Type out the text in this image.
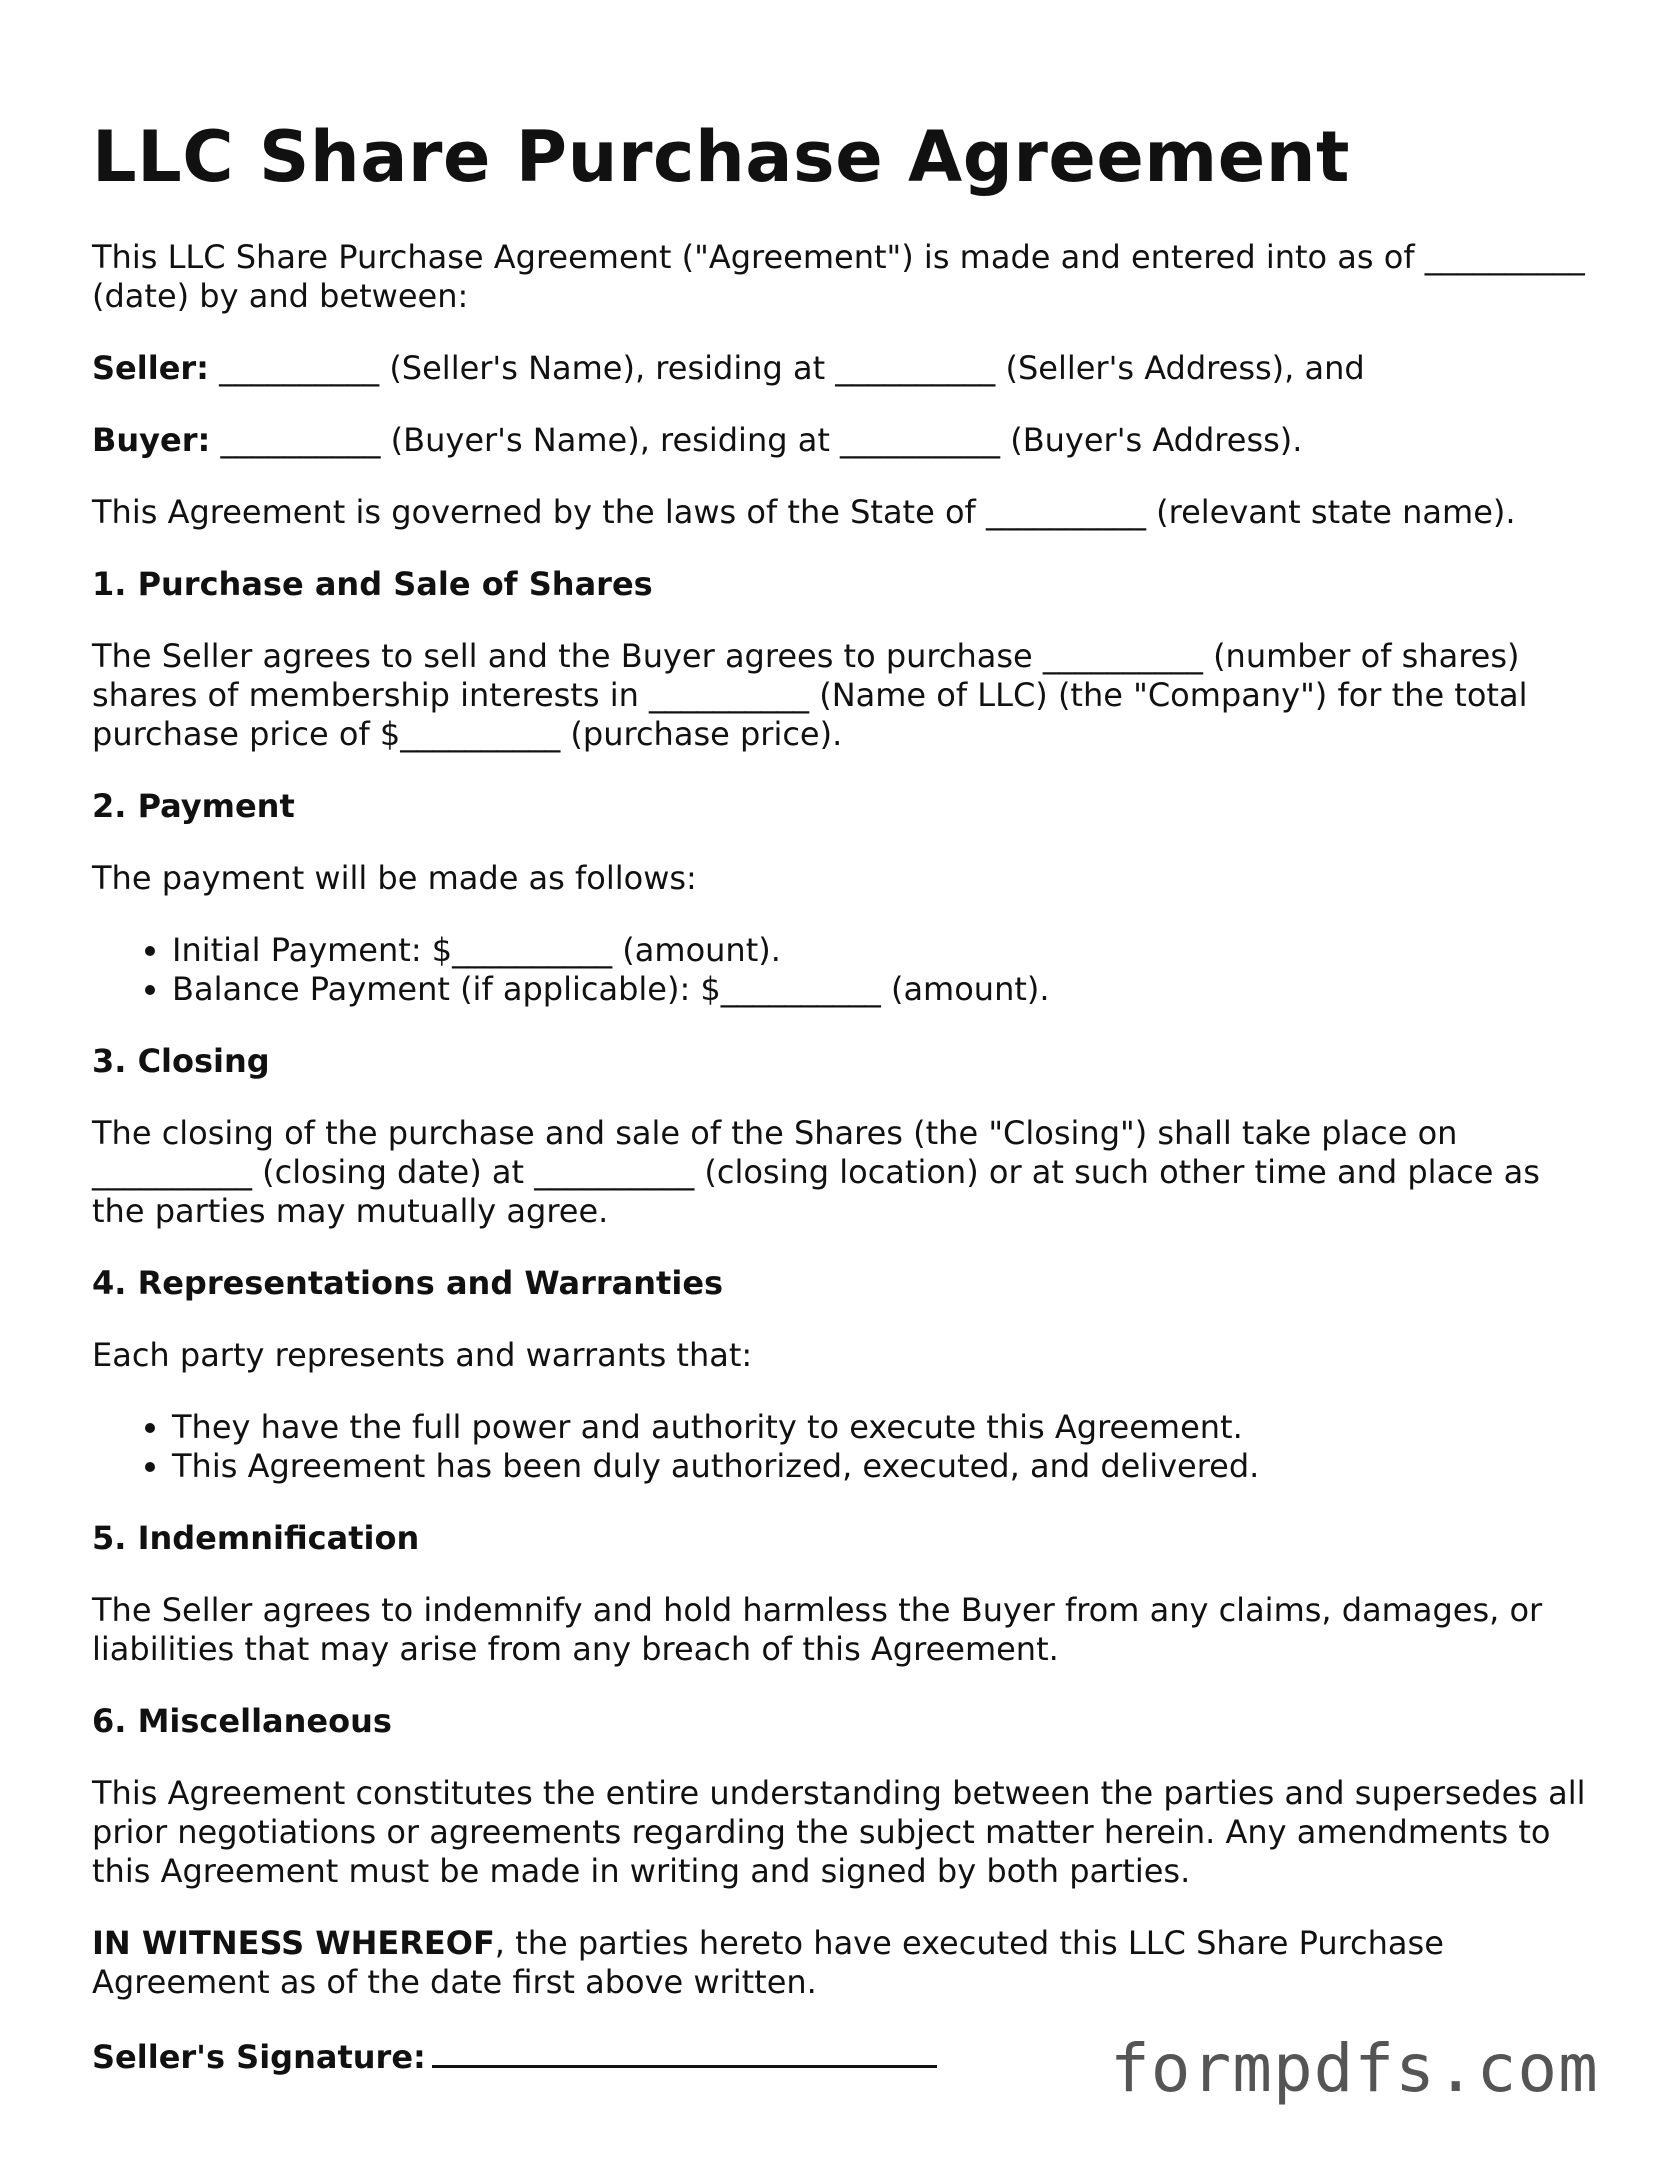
LLC Share Purchase Agreement

This LLC Share Purchase Agreement ("Agreement") is made and entered into as of __________ (date) by and between:

Seller: __________ (Seller's Name), residing at __________ (Seller's Address), and

Buyer: __________ (Buyer's Name), residing at __________ (Buyer's Address).

This Agreement is governed by the laws of the State of __________ (relevant state name).

1. Purchase and Sale of Shares

The Seller agrees to sell and the Buyer agrees to purchase __________ (number of shares) shares of membership interests in __________ (Name of LLC) (the "Company") for the total purchase price of $__________ (purchase price).

2. Payment

The payment will be made as follows:

• Initial Payment: $__________ (amount).
• Balance Payment (if applicable): $__________ (amount).
3. Closing

The closing of the purchase and sale of the Shares (the "Closing") shall take place on __________ (closing date) at __________ (closing location) or at such other time and place as the parties may mutually agree.

4. Representations and Warranties

Each party represents and warrants that:

• They have the full power and authority to execute this Agreement.
• This Agreement has been duly authorized, executed, and delivered.
5. Indemnification

The Seller agrees to indemnify and hold harmless the Buyer from any claims, damages, or liabilities that may arise from any breach of this Agreement.

6. Miscellaneous

This Agreement constitutes the entire understanding between the parties and supersedes all prior negotiations or agreements regarding the subject matter herein. Any amendments to this Agreement must be made in writing and signed by both parties.

IN WITNESS WHEREOF, the parties hereto have executed this LLC Share Purchase Agreement as of the date first above written.

Seller's Signature:	formpdfs.com
